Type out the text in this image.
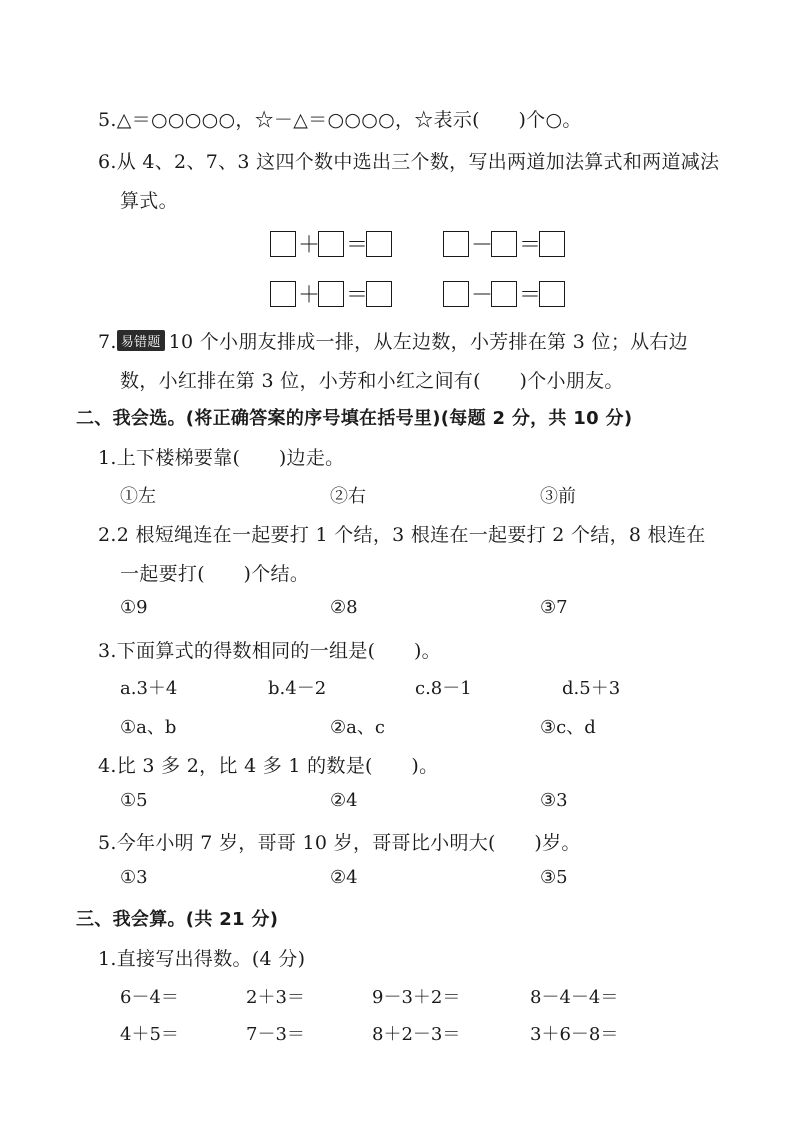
5.△＝○○○○○，☆－△＝○○○○，☆表示(　　)个○。
6.从 4、2、7、3 这四个数中选出三个数，写出两道加法算式和两道减法
算式。
＋ ＝	－ ＝
＋ ＝	－ ＝
7. 易错题 10 个小朋友排成一排，从左边数，小芳排在第 3 位；从右边
数，小红排在第 3 位，小芳和小红之间有(　　)个小朋友。
二、我会选。(将正确答案的序号填在括号里)(每题 2 分，共 10 分)
1.上下楼梯要靠(　　)边走。
①左	②右	③前
2.2 根短绳连在一起要打 1 个结，3 根连在一起要打 2 个结，8 根连在
一起要打(　　)个结。
①9	②8	③7
3.下面算式的得数相同的一组是(　　)。
a.3＋4	b.4－2	c.8－1	d.5＋3
①a、b	②a、c	③c、d
4.比 3 多 2，比 4 多 1 的数是(　　)。
①5	②4	③3
5.今年小明 7 岁，哥哥 10 岁，哥哥比小明大(　　)岁。
①3	②4	③5
三、我会算。(共 21 分)
1.直接写出得数。(4 分)
6－4＝	2＋3＝	9－3＋2＝	8－4－4＝
4＋5＝	7－3＝	8＋2－3＝	3＋6－8＝
